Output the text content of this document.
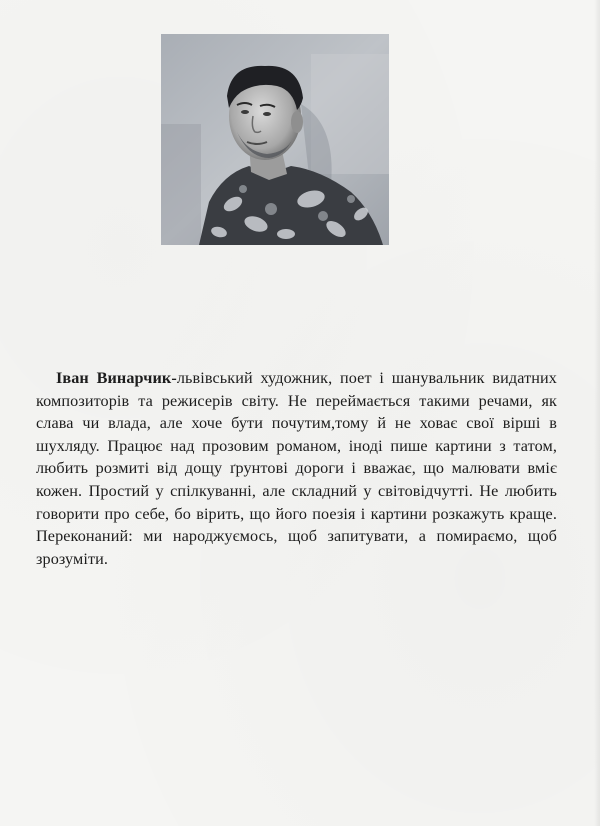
Іван Винарчик-львівський художник, поет і шанувальник видатних композиторів та режисерів світу. Не переймається такими речами, як слава чи влада, але хоче бути почутим,тому й не ховає свої вірші в шухляду. Працює над прозовим романом, іноді пише картини з татом, любить розмиті від дощу ґрунтові дороги і вважає, що малювати вміє кожен. Простий у спілкуванні, але складний у світовідчутті. Не любить говорити про себе, бо вірить, що його поезія і картини розкажуть краще. Переконаний: ми народжуємось, щоб запитувати, а помираємо, щоб зрозуміти.
